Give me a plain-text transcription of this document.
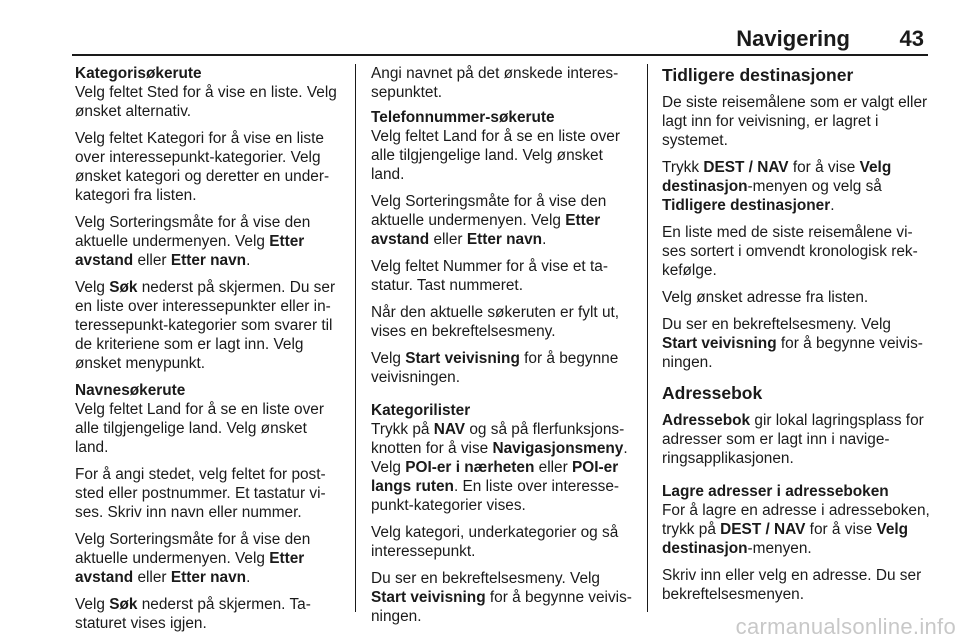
Navigering 43
Kategorisøkerute

Velg feltet Sted for å vise en liste. Velg ønsket alternativ.

Velg feltet Kategori for å vise en liste over interessepunkt-kategorier. Velg ønsket kategori og deretter en underkategori fra listen.

Velg Sorteringsmåte for å vise den aktuelle undermenyen. Velg Etter avstand eller Etter navn.

Velg Søk nederst på skjermen. Du ser en liste over interessepunkter eller interessepunkt-kategorier som svarer til de kriteriene som er lagt inn. Velg ønsket menypunkt.

Navnesøkerute

Velg feltet Land for å se en liste over alle tilgjengelige land. Velg ønsket land.

For å angi stedet, velg feltet for poststed eller postnummer. Et tastatur vises. Skriv inn navn eller nummer.

Velg Sorteringsmåte for å vise den aktuelle undermenyen. Velg Etter avstand eller Etter navn.

Velg Søk nederst på skjermen. Tastaturet vises igjen.

Angi navnet på det ønskede interessepunktet.

Telefonnummer-søkerute

Velg feltet Land for å se en liste over alle tilgjengelige land. Velg ønsket land.

Velg Sorteringsmåte for å vise den aktuelle undermenyen. Velg Etter avstand eller Etter navn.

Velg feltet Nummer for å vise et tastatur. Tast nummeret.

Når den aktuelle søkeruten er fylt ut, vises en bekreftelsesmeny.

Velg Start veivisning for å begynne veivisningen.

Kategorilister

Trykk på NAV og så på flerfunksjonsknotten for å vise Navigasjonsmeny. Velg POI-er i nærheten eller POI-er langs ruten. En liste over interessepunkt-kategorier vises.

Velg kategori, underkategorier og så interessepunkt.

Du ser en bekreftelsesmeny. Velg Start veivisning for å begynne veivisningen.

Tidligere destinasjoner

De siste reisemålene som er valgt eller lagt inn for veivisning, er lagret i systemet.

Trykk DEST / NAV for å vise Velg destinasjon-menyen og velg så Tidligere destinasjoner.

En liste med de siste reisemålene vises sortert i omvendt kronologisk rekkefølge.

Velg ønsket adresse fra listen.

Du ser en bekreftelsesmeny. Velg Start veivisning for å begynne veivisningen.

Adressebok

Adressebok gir lokal lagringsplass for adresser som er lagt inn i navigeringsapplikasjonen.

Lagre adresser i adresseboken

For å lagre en adresse i adresseboken, trykk på DEST / NAV for å vise Velg destinasjon-menyen.

Skriv inn eller velg en adresse. Du ser bekreftelsesmenyen.

carmanualsonline.info
